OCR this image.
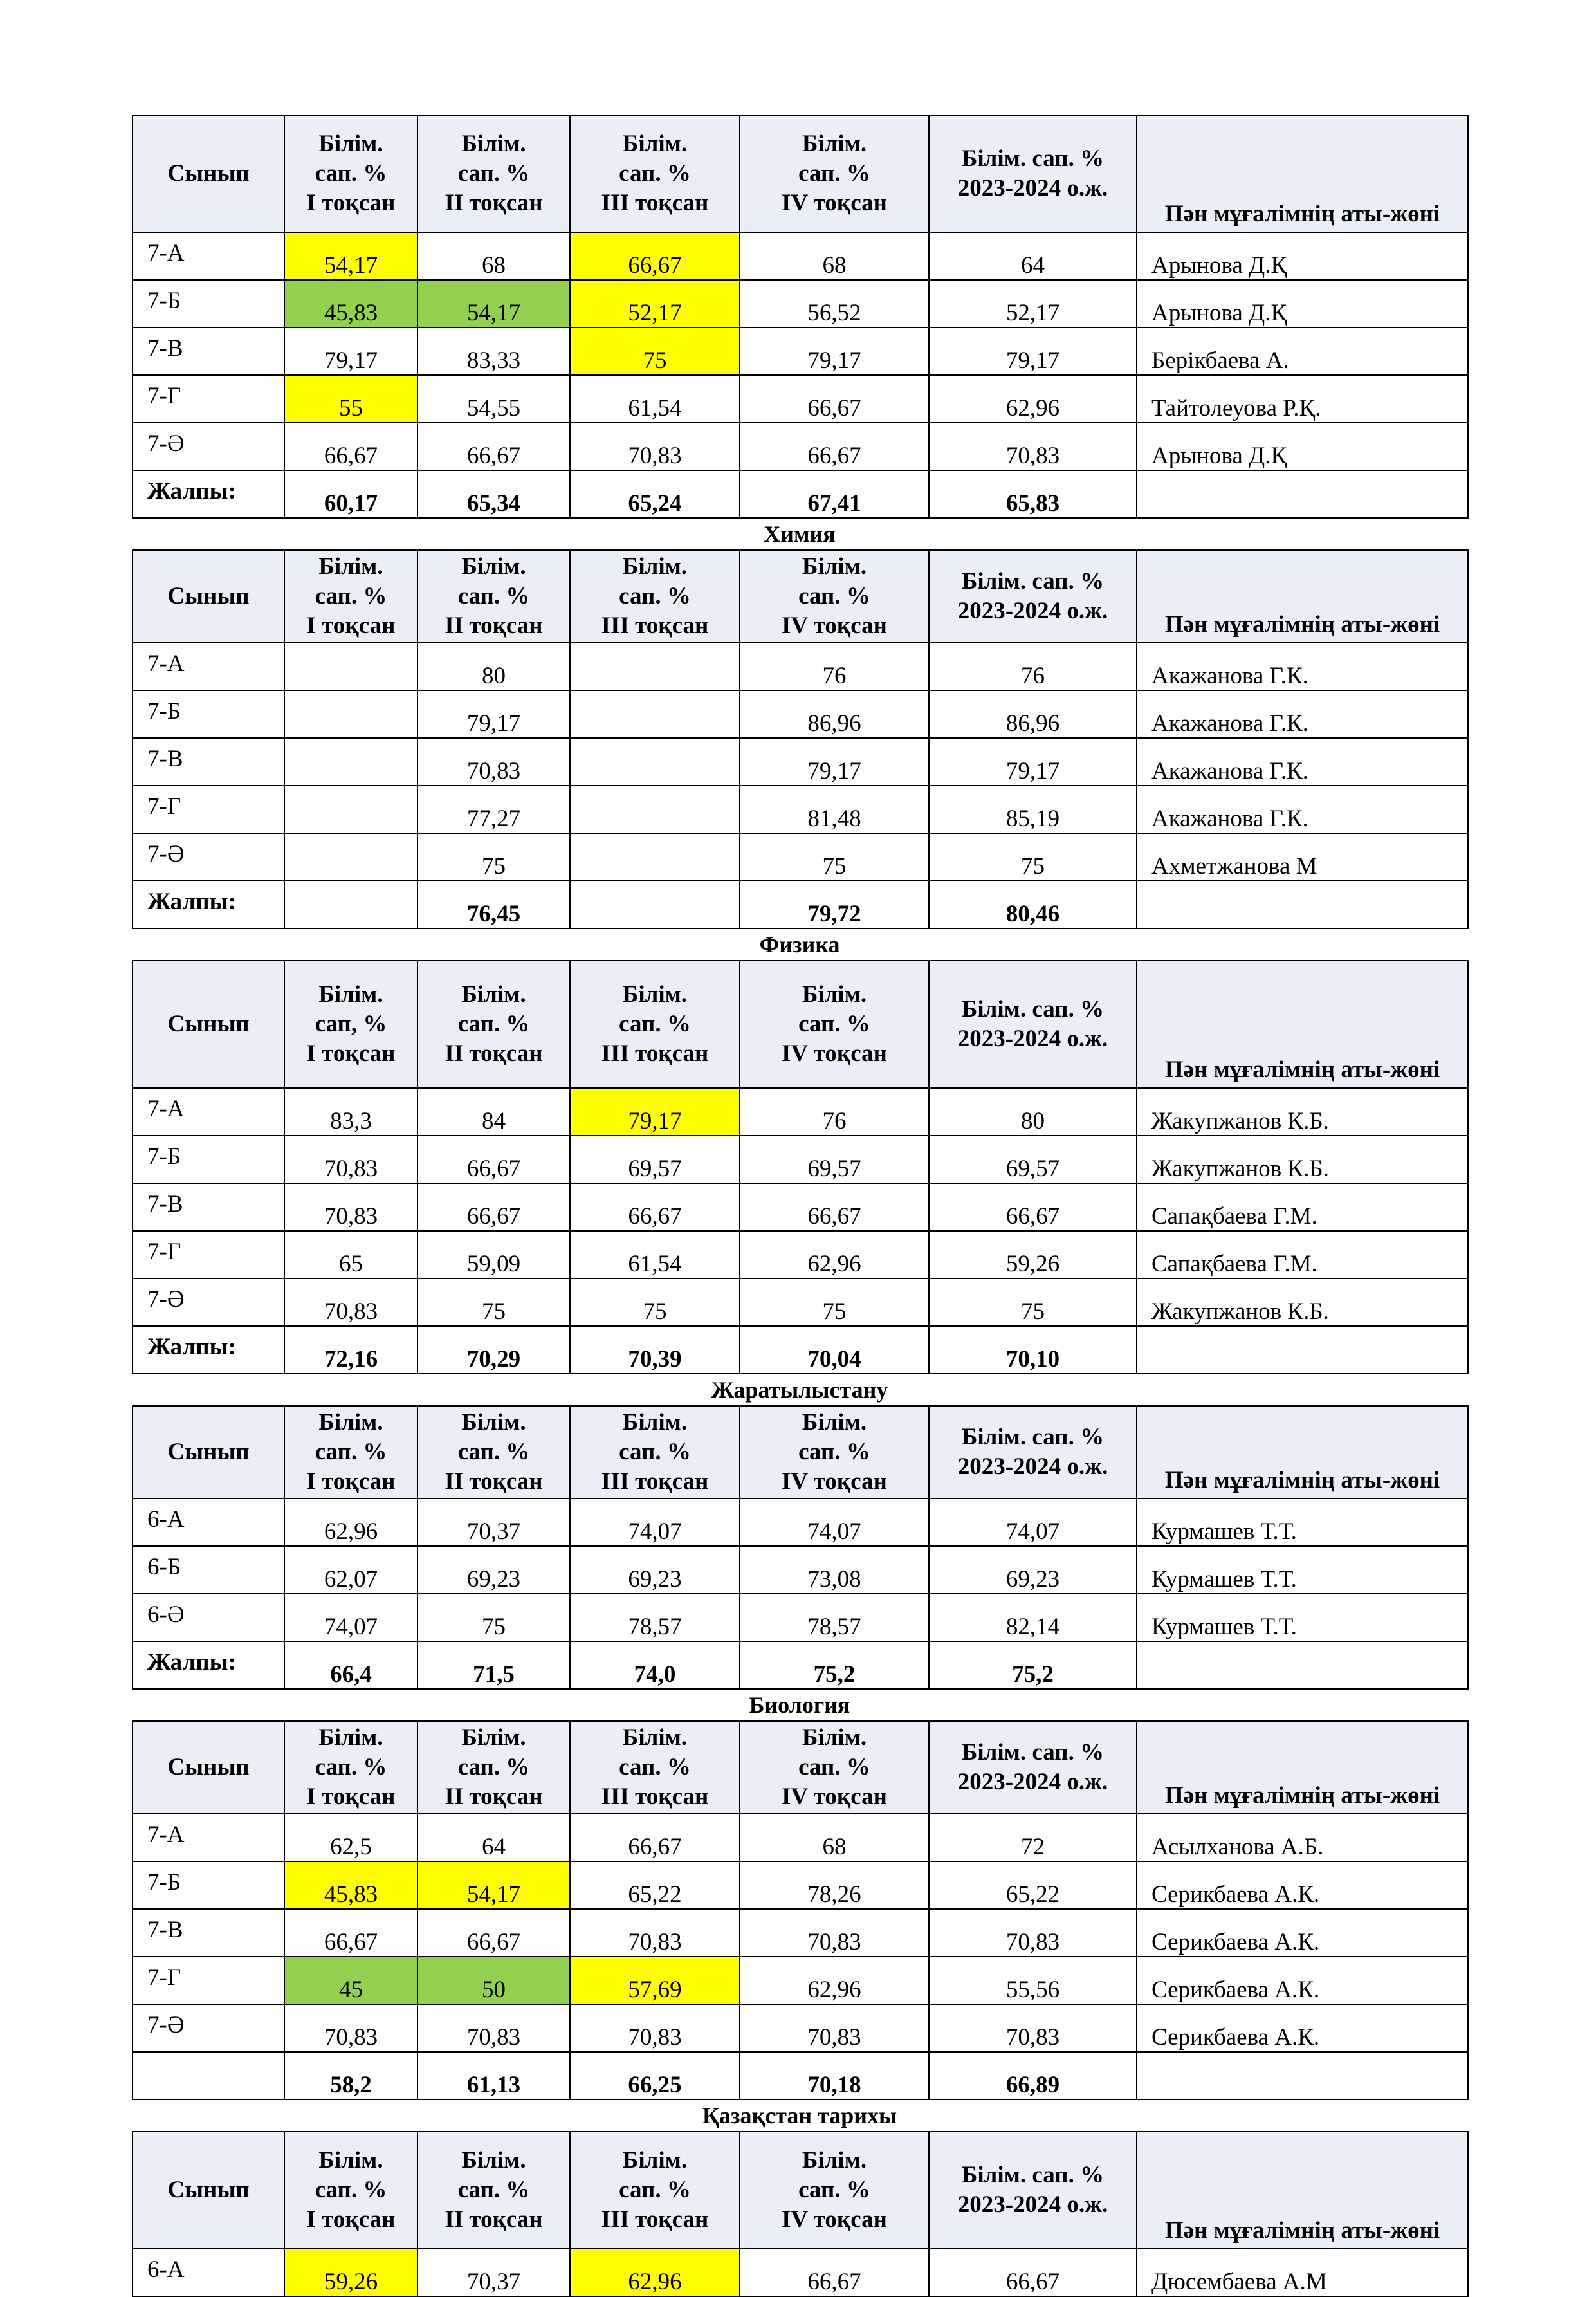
Сынып	Білім.
сап. %
І тоқсан	Білім.
сап. %
ІІ тоқсан	Білім.
сап. %
ІІІ тоқсан	Білім.
сап. %
ІV тоқсан	Білім. сап. %
2023-2024 о.ж.	Пән мұғалімнің аты-жөні
7-А	54,17	68	66,67	68	64	Арынова Д.Қ
7-Б	45,83	54,17	52,17	56,52	52,17	Арынова Д.Қ
7-В	79,17	83,33	75	79,17	79,17	Берікбаева А.
7-Г	55	54,55	61,54	66,67	62,96	Тайтолеуова Р.Қ.
7-Ә	66,67	66,67	70,83	66,67	70,83	Арынова Д.Қ
Жалпы:	60,17	65,34	65,24	67,41	65,83	
Химия
Сынып	Білім.
сап. %
І тоқсан	Білім.
сап. %
ІІ тоқсан	Білім.
сап. %
ІІІ тоқсан	Білім.
сап. %
ІV тоқсан	Білім. сап. %
2023-2024 о.ж.	Пән мұғалімнің аты-жөні
7-А		80		76	76	Акажанова Г.К.
7-Б		79,17		86,96	86,96	Акажанова Г.К.
7-В		70,83		79,17	79,17	Акажанова Г.К.
7-Г		77,27		81,48	85,19	Акажанова Г.К.
7-Ә		75		75	75	Ахметжанова М
Жалпы:		76,45		79,72	80,46	
Физика
Сынып	Білім.
сап, %
І тоқсан	Білім.
сап. %
ІІ тоқсан	Білім.
сап. %
ІІІ тоқсан	Білім.
сап. %
ІV тоқсан	Білім. сап. %
2023-2024 о.ж.	Пән мұғалімнің аты-жөні
7-А	83,3	84	79,17	76	80	Жакупжанов К.Б.
7-Б	70,83	66,67	69,57	69,57	69,57	Жакупжанов К.Б.
7-В	70,83	66,67	66,67	66,67	66,67	Сапақбаева Г.М.
7-Г	65	59,09	61,54	62,96	59,26	Сапақбаева Г.М.
7-Ә	70,83	75	75	75	75	Жакупжанов К.Б.
Жалпы:	72,16	70,29	70,39	70,04	70,10	
Жаратылыстану
Сынып	Білім.
сап. %
І тоқсан	Білім.
сап. %
ІІ тоқсан	Білім.
сап. %
ІІІ тоқсан	Білім.
сап. %
ІV тоқсан	Білім. сап. %
2023-2024 о.ж.	Пән мұғалімнің аты-жөні
6-А	62,96	70,37	74,07	74,07	74,07	Курмашев Т.Т.
6-Б	62,07	69,23	69,23	73,08	69,23	Курмашев Т.Т.
6-Ә	74,07	75	78,57	78,57	82,14	Курмашев Т.Т.
Жалпы:	66,4	71,5	74,0	75,2	75,2	
Биология
Сынып	Білім.
сап. %
І тоқсан	Білім.
сап. %
ІІ тоқсан	Білім.
сап. %
ІІІ тоқсан	Білім.
сап. %
ІV тоқсан	Білім. сап. %
2023-2024 о.ж.	Пән мұғалімнің аты-жөні
7-А	62,5	64	66,67	68	72	Асылханова А.Б.
7-Б	45,83	54,17	65,22	78,26	65,22	Серикбаева А.К.
7-В	66,67	66,67	70,83	70,83	70,83	Серикбаева А.К.
7-Г	45	50	57,69	62,96	55,56	Серикбаева А.К.
7-Ә	70,83	70,83	70,83	70,83	70,83	Серикбаева А.К.
	58,2	61,13	66,25	70,18	66,89	
Қазақстан тарихы
Сынып	Білім.
сап. %
І тоқсан	Білім.
сап. %
ІІ тоқсан	Білім.
сап. %
ІІІ тоқсан	Білім.
сап. %
ІV тоқсан	Білім. сап. %
2023-2024 о.ж.	Пән мұғалімнің аты-жөні
6-А	59,26	70,37	62,96	66,67	66,67	Дюсембаева А.М
